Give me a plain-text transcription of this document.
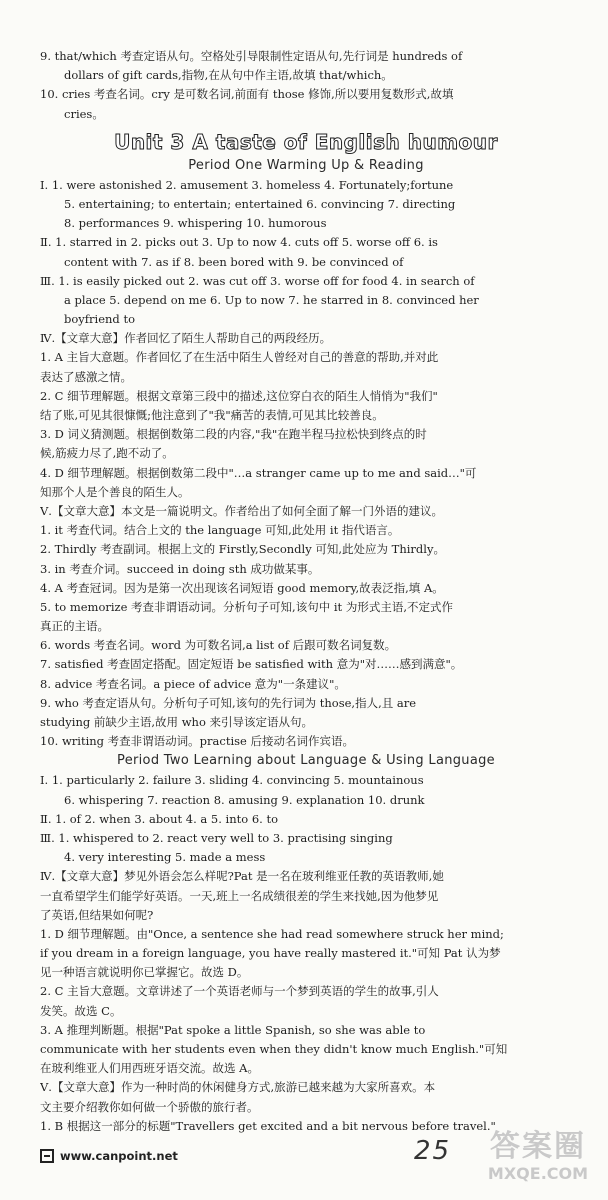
9. that/which 考查定语从句。空格处引导限制性定语从句,先行词是 hundreds of
dollars of gift cards,指物,在从句中作主语,故填 that/which。
10. cries 考查名词。cry 是可数名词,前面有 those 修饰,所以要用复数形式,故填
cries。
Unit 3 A taste of English humour
Period One Warming Up & Reading
Ⅰ. 1. were astonished 2. amusement 3. homeless 4. Fortunately;fortune
5. entertaining; to entertain; entertained 6. convincing 7. directing
8. performances 9. whispering 10. humorous
Ⅱ. 1. starred in 2. picks out 3. Up to now 4. cuts off 5. worse off 6. is
content with 7. as if 8. been bored with 9. be convinced of
Ⅲ. 1. is easily picked out 2. was cut off 3. worse off for food 4. in search of
a place 5. depend on me 6. Up to now 7. he starred in 8. convinced her
boyfriend to
Ⅳ.【文章大意】作者回忆了陌生人帮助自己的两段经历。
1. A 主旨大意题。作者回忆了在生活中陌生人曾经对自己的善意的帮助,并对此
表达了感激之情。
2. C 细节理解题。根据文章第三段中的描述,这位穿白衣的陌生人悄悄为"我们"
结了账,可见其很慷慨;他注意到了"我"痛苦的表情,可见其比较善良。
3. D 词义猜测题。根据倒数第二段的内容,"我"在跑半程马拉松快到终点的时
候,筋疲力尽了,跑不动了。
4. D 细节理解题。根据倒数第二段中"…a stranger came up to me and said…"可
知那个人是个善良的陌生人。
Ⅴ.【文章大意】本文是一篇说明文。作者给出了如何全面了解一门外语的建议。
1. it 考查代词。结合上文的 the language 可知,此处用 it 指代语言。
2. Thirdly 考查副词。根据上文的 Firstly,Secondly 可知,此处应为 Thirdly。
3. in 考查介词。succeed in doing sth 成功做某事。
4. A 考查冠词。因为是第一次出现该名词短语 good memory,故表泛指,填 A。
5. to memorize 考查非谓语动词。分析句子可知,该句中 it 为形式主语,不定式作
真正的主语。
6. words 考查名词。word 为可数名词,a list of 后跟可数名词复数。
7. satisfied 考查固定搭配。固定短语 be satisfied with 意为"对……感到满意"。
8. advice 考查名词。a piece of advice 意为"一条建议"。
9. who 考查定语从句。分析句子可知,该句的先行词为 those,指人,且 are
studying 前缺少主语,故用 who 来引导该定语从句。
10. writing 考查非谓语动词。practise 后接动名词作宾语。
Period Two Learning about Language & Using Language
Ⅰ. 1. particularly 2. failure 3. sliding 4. convincing 5. mountainous
6. whispering 7. reaction 8. amusing 9. explanation 10. drunk
Ⅱ. 1. of 2. when 3. about 4. a 5. into 6. to
Ⅲ. 1. whispered to 2. react very well to 3. practising singing
4. very interesting 5. made a mess
Ⅳ.【文章大意】梦见外语会怎么样呢?Pat 是一名在玻利维亚任教的英语教师,她
一直希望学生们能学好英语。一天,班上一名成绩很差的学生来找她,因为他梦见
了英语,但结果如何呢?
1. D 细节理解题。由"Once, a sentence she had read somewhere struck her mind;
if you dream in a foreign language, you have really mastered it."可知 Pat 认为梦
见一种语言就说明你已掌握它。故选 D。
2. C 主旨大意题。文章讲述了一个英语老师与一个梦到英语的学生的故事,引人
发笑。故选 C。
3. A 推理判断题。根据"Pat spoke a little Spanish, so she was able to
communicate with her students even when they didn't know much English."可知
在玻利维亚人们用西班牙语交流。故选 A。
Ⅴ.【文章大意】作为一种时尚的休闲健身方式,旅游已越来越为大家所喜欢。本
文主要介绍教你如何做一个骄傲的旅行者。
1. B 根据这一部分的标题"Travellers get excited and a bit nervous before travel."
www.canpoint.net	25	答案圈
MXQE.COM
